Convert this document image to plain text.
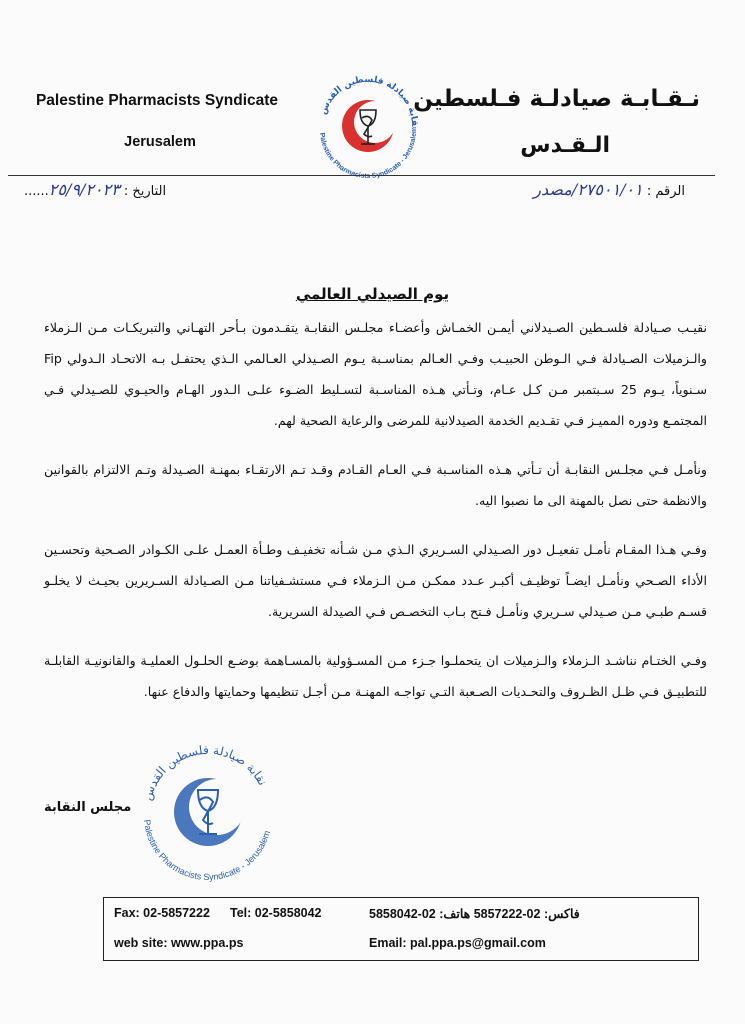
Palestine Pharmacists Syndicate
Jerusalem
قابة صيادلة فلسطين القدس
Palestine Pharmacists Syndicate - Jerusalem
نـقـابـة صيادلـة فـلسطين
الـقـدس
الرقم : ٢٧٥٠١/٠١/مصدر
التاريخ : ٢٥/٩/٢٠٢٣......
يوم الصيدلي العالمي

نقيـب صـيادلة فلسـطين الصـيدلاني أيمـن الخمـاش وأعضـاء مجلـس النقابـة يتقـدمون بـأحر التهـاني والتبريكـات مـن الـزملاء والـزميلات الصـيادلة فـي الـوطن الحبيـب وفـي العـالم بمناسـبة يـوم الصـيدلي العـالمي الـذي يحتفـل بـه الاتحـاد الـدولي Fip سـنوياً، يـوم 25 سـبتمبر مـن كـل عـام، وتـأتي هـذه المناسـبة لتسـليط الضـوء علـى الـدور الهـام والحيـوي للصـيدلي فـي المجتمـع ودوره المميـز فـي تقـديم الخدمة الصيدلانية للمرضى والرعاية الصحية لهم.

ونأمـل فـي مجلـس النقابـة أن تـأتي هـذه المناسـبة فـي العـام القـادم وقـد تـم الارتقـاء بمهنـة الصـيدلة وتـم الالتزام بالقوانين والانظمة حتى نصل بالمهنة الى ما نصبوا اليه.

وفـي هـذا المقـام نأمـل تفعيـل دور الصـيدلي السـريري الـذي مـن شـأنه تخفيـف وطـأة العمـل علـى الكـوادر الصـحية وتحسـين الأداء الصـحي ونأمـل ايضـاً توظيـف أكبـر عـدد ممكـن مـن الـزملاء فـي مستشـفياتنا مـن الصـيادلة السـريرين بحيـث لا يخلـو قسـم طبـي مـن صـيدلي سـريري ونأمـل فـتح بـاب التخصـص فـي الصيدلة السريرية.

وفـي الختـام نناشـد الـزملاء والـزميلات ان يتحملـوا جـزء مـن المسـؤولية بالمسـاهمة بوضـع الحلـول العمليـة والقانونيـة القابلـة للتطبيـق فـي ظـل الظـروف والتحـديات الصـعبة التـي تواجـه المهنـة مـن أجـل تنظيمها وحمايتها والدفاع عنها.

نقابة صيادلة فلسطين القدس
Palestine Pharmacists Syndicate - Jerusalem
مجلس النقابة
Fax: 02-5857222 Tel: 02-5858042	فاكس: 02-5857222 هاتف: 02-5858042
web site: www.ppa.ps	Email: pal.ppa.ps@gmail.com
